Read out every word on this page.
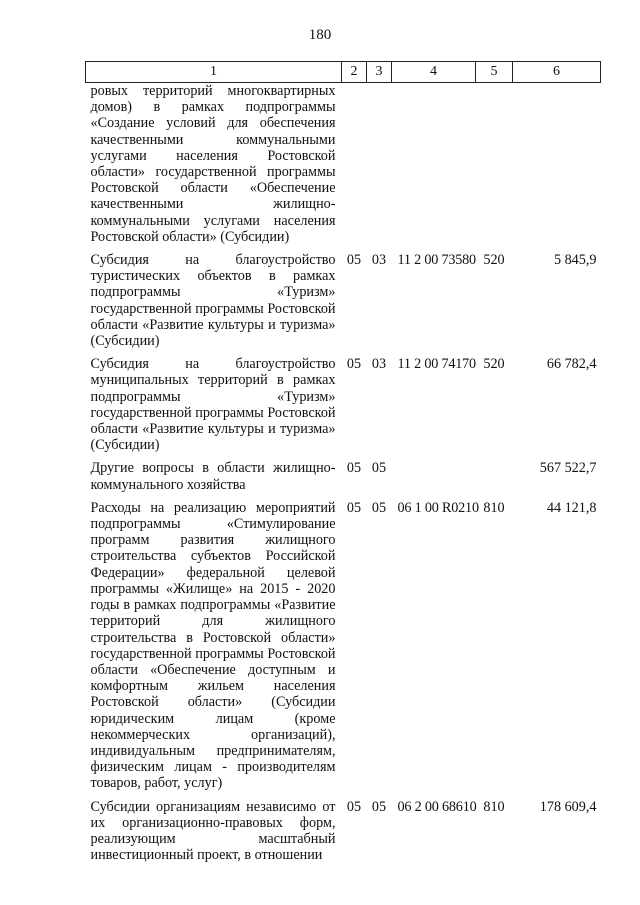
180
1	2	3	4	5	6
ровых территорий многоквартирных домов) в рамках подпрограммы «Создание условий для обеспечения качественными коммунальными услугами населения Ростовской области» государственной программы Ростовской области «Обеспечение качественными жилищно-коммунальными услугами населения Ростовской области» (Субсидии)					
Субсидия на благоустройство туристических объектов в рамках подпрограммы «Туризм» государственной программы Ростовской области «Развитие культуры и туризма» (Субсидии)	05	03	11 2 00 73580	520	5 845,9
Субсидия на благоустройство муниципальных территорий в рамках подпрограммы «Туризм» государственной программы Ростовской области «Развитие культуры и туризма» (Субсидии)	05	03	11 2 00 74170	520	66 782,4
Другие вопросы в области жилищно-коммунального хозяйства	05	05			567 522,7
Расходы на реализацию мероприятий подпрограммы «Стимулирование программ развития жилищного строительства субъектов Российской Федерации» федеральной целевой программы «Жилище» на 2015 - 2020 годы в рамках подпрограммы «Развитие территорий для жилищного строительства в Ростовской области» государственной программы Ростовской области «Обеспечение доступным и комфортным жильем населения Ростовской области» (Субсидии юридическим лицам (кроме некоммерческих организаций), индивидуальным предпринимателям, физическим лицам - производителям товаров, работ, услуг)	05	05	06 1 00 R0210	810	44 121,8
Субсидии организациям независимо от их организационно-правовых форм, реализующим масштабный инвестиционный проект, в отношении	05	05	06 2 00 68610	810	178 609,4
